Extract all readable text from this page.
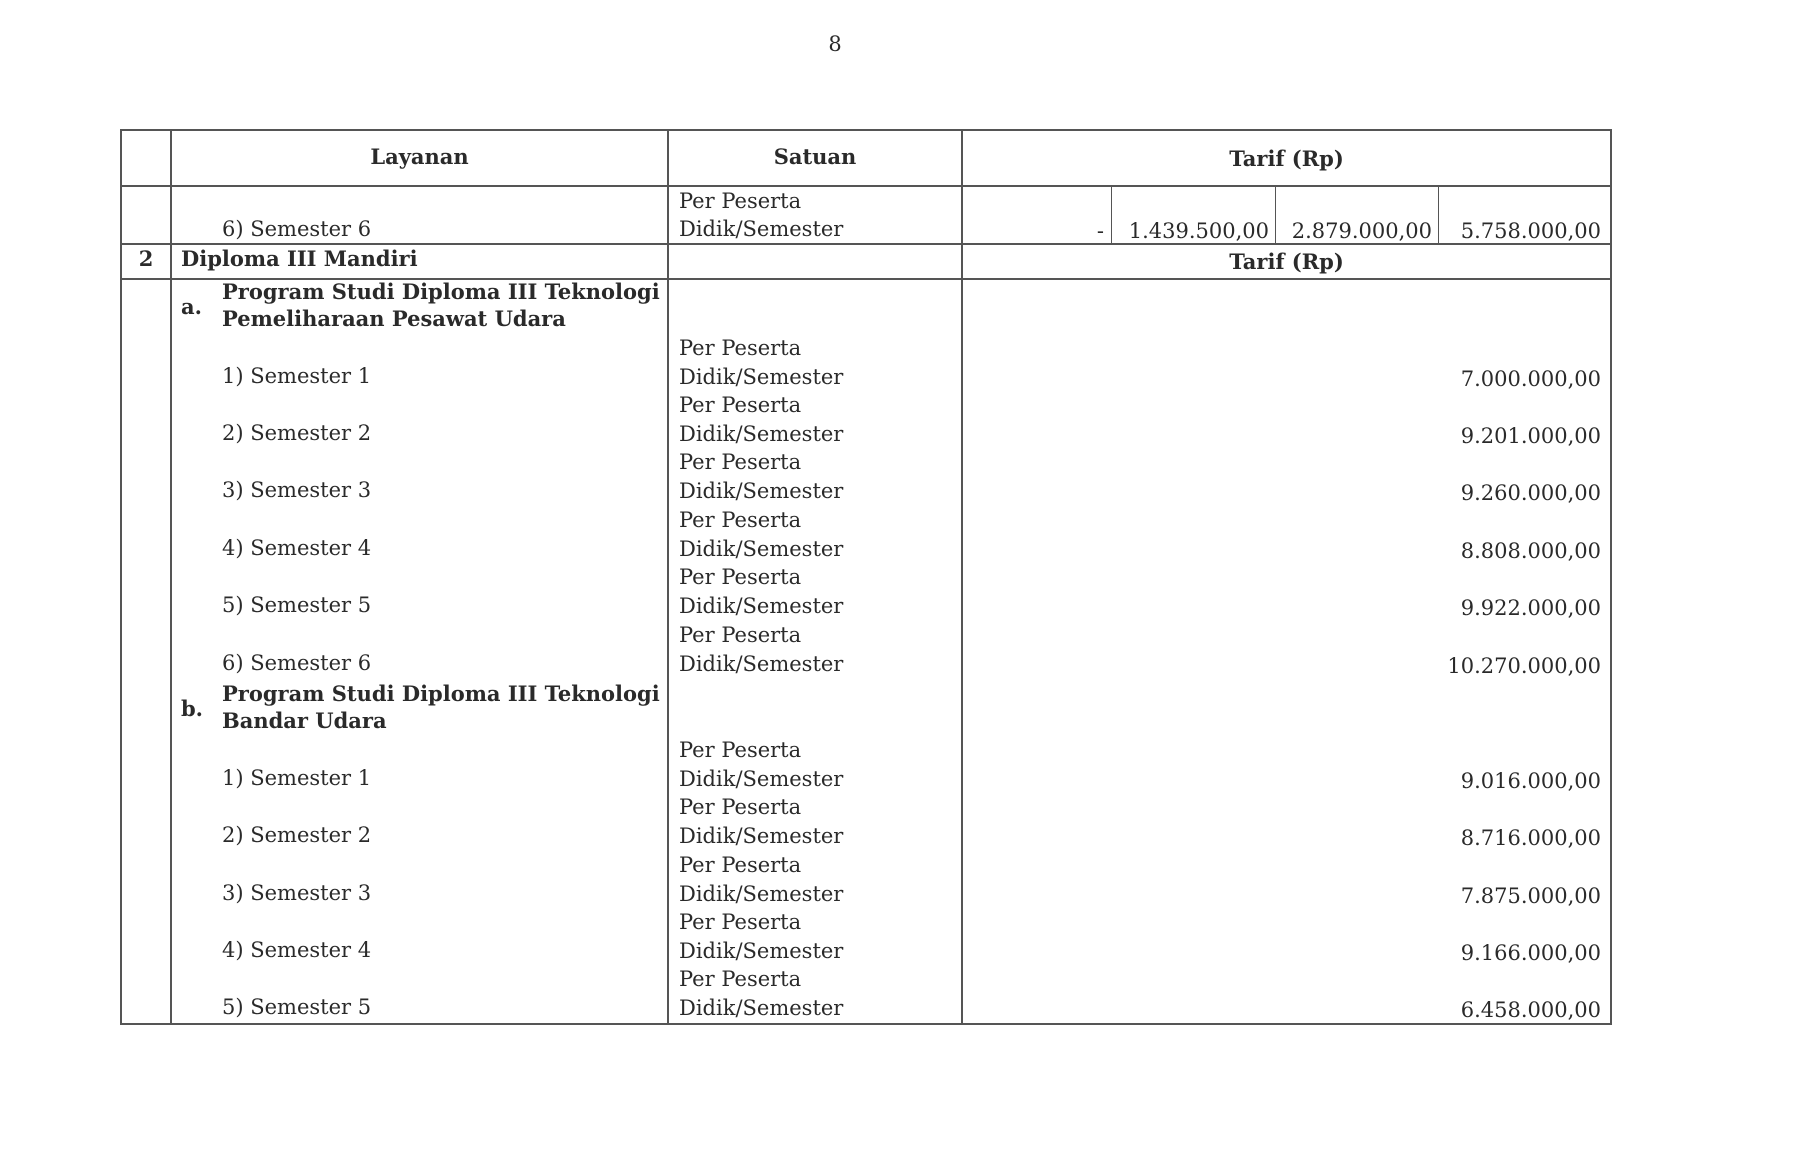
8
Layanan	Satuan	Tarif (Rp)
6) Semester 6
Per Peserta
Didik/Semester	-	1.439.500,00	2.879.000,00	5.758.000,00
2	Diploma III Mandiri	Tarif (Rp)
a.
Program Studi Diploma III Teknologi
Pemeliharaan Pesawat Udara
1) Semester 1
Per Peserta
Didik/Semester	7.000.000,00
2) Semester 2
Per Peserta
Didik/Semester	9.201.000,00
3) Semester 3
Per Peserta
Didik/Semester	9.260.000,00
4) Semester 4
Per Peserta
Didik/Semester	8.808.000,00
5) Semester 5
Per Peserta
Didik/Semester	9.922.000,00
6) Semester 6
Per Peserta
Didik/Semester	10.270.000,00
b.
Program Studi Diploma III Teknologi
Bandar Udara
1) Semester 1
Per Peserta
Didik/Semester	9.016.000,00
2) Semester 2
Per Peserta
Didik/Semester	8.716.000,00
3) Semester 3
Per Peserta
Didik/Semester	7.875.000,00
4) Semester 4
Per Peserta
Didik/Semester	9.166.000,00
5) Semester 5
Per Peserta
Didik/Semester	6.458.000,00
